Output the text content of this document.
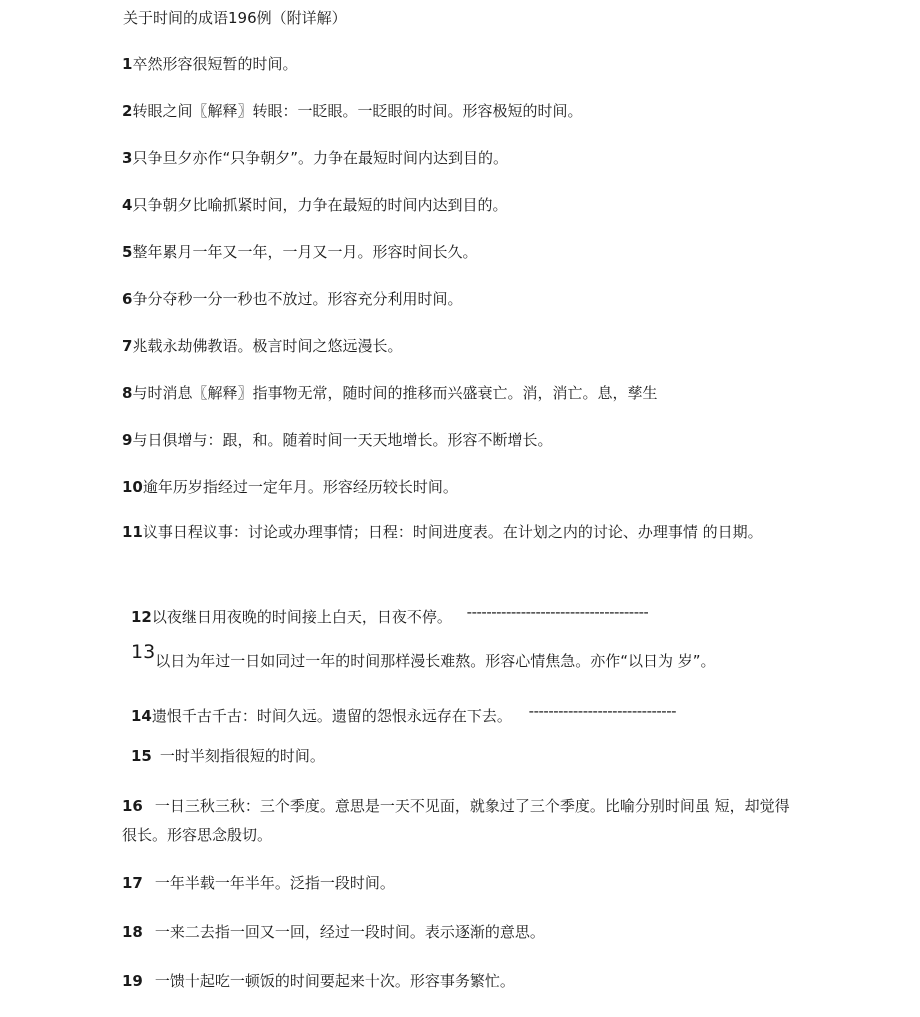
关于时间的成语196例（附详解）
1卒然形容很短暂的时间。
2转眼之间〖解释〗转眼：一眨眼。一眨眼的时间。形容极短的时间。
3只争旦夕亦作“只争朝夕”。力争在最短时间内达到目的。
4只争朝夕比喻抓紧时间，力争在最短的时间内达到目的。
5整年累月一年又一年，一月又一月。形容时间长久。
6争分夺秒一分一秒也不放过。形容充分利用时间。
7兆载永劫佛教语。极言时间之悠远漫长。
8与时消息〖解释〗指事物无常，随时间的推移而兴盛衰亡。消，消亡。息，孳生
9与日俱增与：跟，和。随着时间一天天地增长。形容不断增长。
10逾年历岁指经过一定年月。形容经历较长时间。
11议事日程议事：讨论或办理事情；日程：时间进度表。在计划之内的讨论、办理事情 的日期。
12以夜继日用夜晚的时间接上白天，日夜不停。 -------------------------------------
13以日为年过一日如同过一年的时间那样漫长难熬。形容心情焦急。亦作“以日为 岁”。
14遗恨千古千古：时间久远。遗留的怨恨永远存在下去。 ------------------------------
15 一时半刻指很短的时间。
16 一日三秋三秋：三个季度。意思是一天不见面，就象过了三个季度。比喻分别时间虽 短，却觉得很长。形容思念殷切。
17 一年半载一年半年。泛指一段时间。
18 一来二去指一回又一回，经过一段时间。表示逐渐的意思。
19 一馈十起吃一顿饭的时间要起来十次。形容事务繁忙。
